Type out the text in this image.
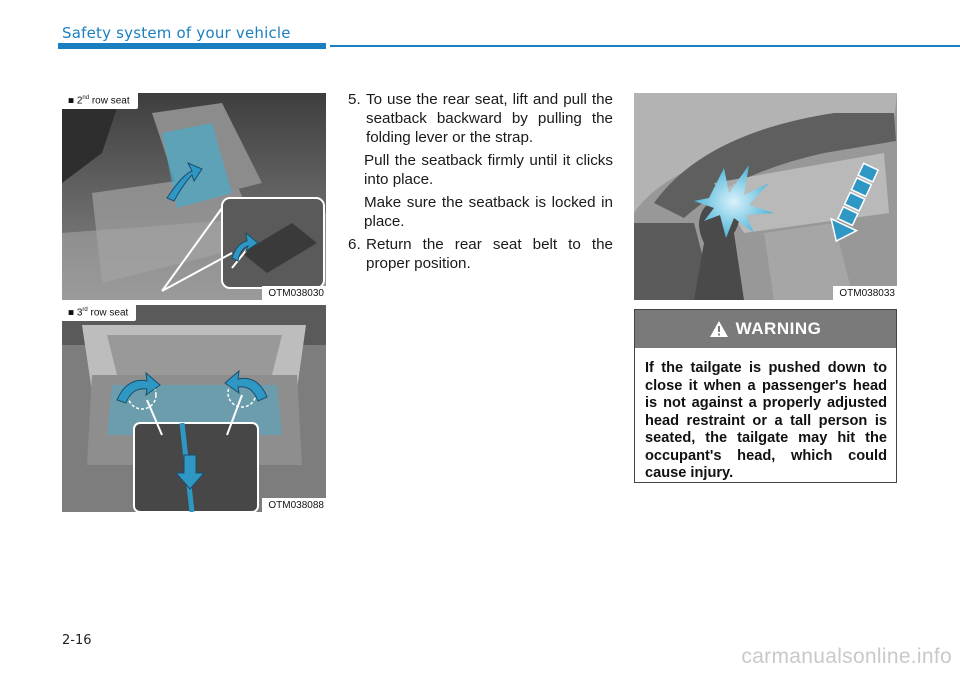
Safety system of your vehicle
■ 2nd row seat
OTM038030
■ 3rd row seat
OTM038088
5. To use the rear seat, lift and pull the seatback backward by pulling the folding lever or the strap.
Pull the seatback firmly until it clicks into place.
Make sure the seatback is locked in place.
6. Return the rear seat belt to the proper position.
OTM038033
WARNING
If the tailgate is pushed down to close it when a passenger's head is not against a properly adjusted head restraint or a tall person is seated, the tailgate may hit the occupant's head, which could cause injury.
2-16
carmanualsonline.info
